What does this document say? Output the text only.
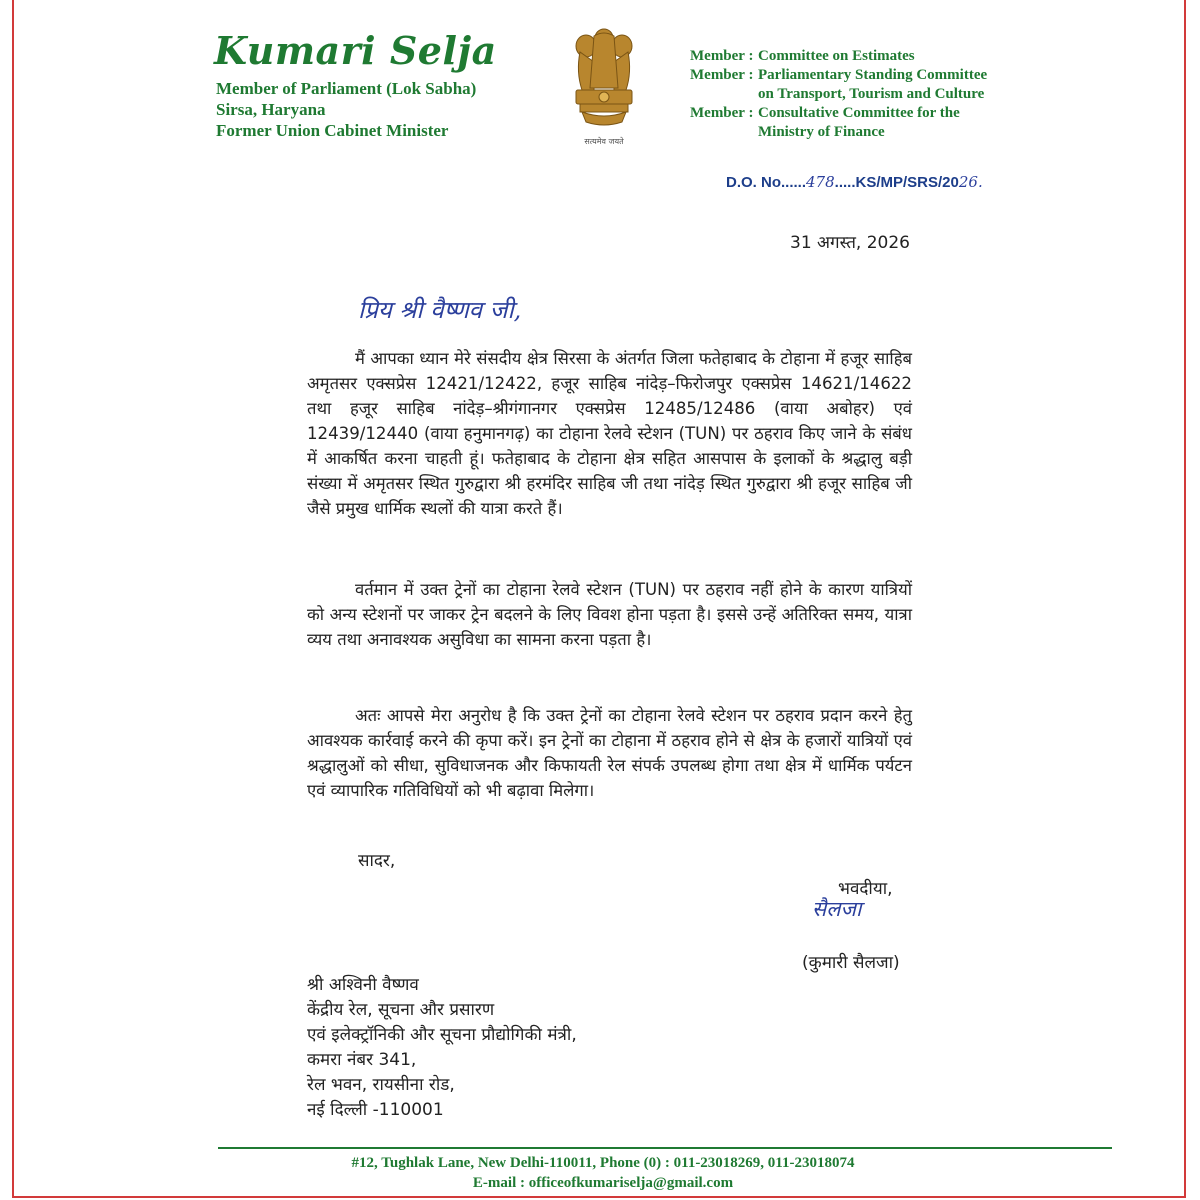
Kumari Selja
Member of Parliament (Lok Sabha)
Sirsa, Haryana
Former Union Cabinet Minister
सत्यमेव जयते
Member : Committee on Estimates
Member : Parliamentary Standing Committee
on Transport, Tourism and Culture
Member : Consultative Committee for the
Ministry of Finance
D.O. No......478.....KS/MP/SRS/2026.
31 अगस्त, 2026
प्रिय श्री वैष्णव जी,
मैं आपका ध्यान मेरे संसदीय क्षेत्र सिरसा के अंतर्गत जिला फतेहाबाद के टोहाना में हजूर साहिब अमृतसर एक्सप्रेस 12421/12422, हजूर साहिब नांदेड़–फिरोजपुर एक्सप्रेस 14621/14622 तथा हजूर साहिब नांदेड़–श्रीगंगानगर एक्सप्रेस 12485/12486 (वाया अबोहर) एवं 12439/12440 (वाया हनुमानगढ़) का टोहाना रेलवे स्टेशन (TUN) पर ठहराव किए जाने के संबंध में आकर्षित करना चाहती हूं। फतेहाबाद के टोहाना क्षेत्र सहित आसपास के इलाकों के श्रद्धालु बड़ी संख्या में अमृतसर स्थित गुरुद्वारा श्री हरमंदिर साहिब जी तथा नांदेड़ स्थित गुरुद्वारा श्री हजूर साहिब जी जैसे प्रमुख धार्मिक स्थलों की यात्रा करते हैं।
वर्तमान में उक्त ट्रेनों का टोहाना रेलवे स्टेशन (TUN) पर ठहराव नहीं होने के कारण यात्रियों को अन्य स्टेशनों पर जाकर ट्रेन बदलने के लिए विवश होना पड़ता है। इससे उन्हें अतिरिक्त समय, यात्रा व्यय तथा अनावश्यक असुविधा का सामना करना पड़ता है।
अतः आपसे मेरा अनुरोध है कि उक्त ट्रेनों का टोहाना रेलवे स्टेशन पर ठहराव प्रदान करने हेतु आवश्यक कार्रवाई करने की कृपा करें। इन ट्रेनों का टोहाना में ठहराव होने से क्षेत्र के हजारों यात्रियों एवं श्रद्धालुओं को सीधा, सुविधाजनक और किफायती रेल संपर्क उपलब्ध होगा तथा क्षेत्र में धार्मिक पर्यटन एवं व्यापारिक गतिविधियों को भी बढ़ावा मिलेगा।
सादर,
भवदीया,
सैलजा
(कुमारी सैलजा)
श्री अश्विनी वैष्णव
केंद्रीय रेल, सूचना और प्रसारण
एवं इलेक्ट्रॉनिकी और सूचना प्रौद्योगिकी मंत्री,
कमरा नंबर 341,
रेल भवन, रायसीना रोड,
नई दिल्ली -110001
#12, Tughlak Lane, New Delhi-110011, Phone (0) : 011-23018269, 011-23018074
E-mail : officeofkumariselja@gmail.com
